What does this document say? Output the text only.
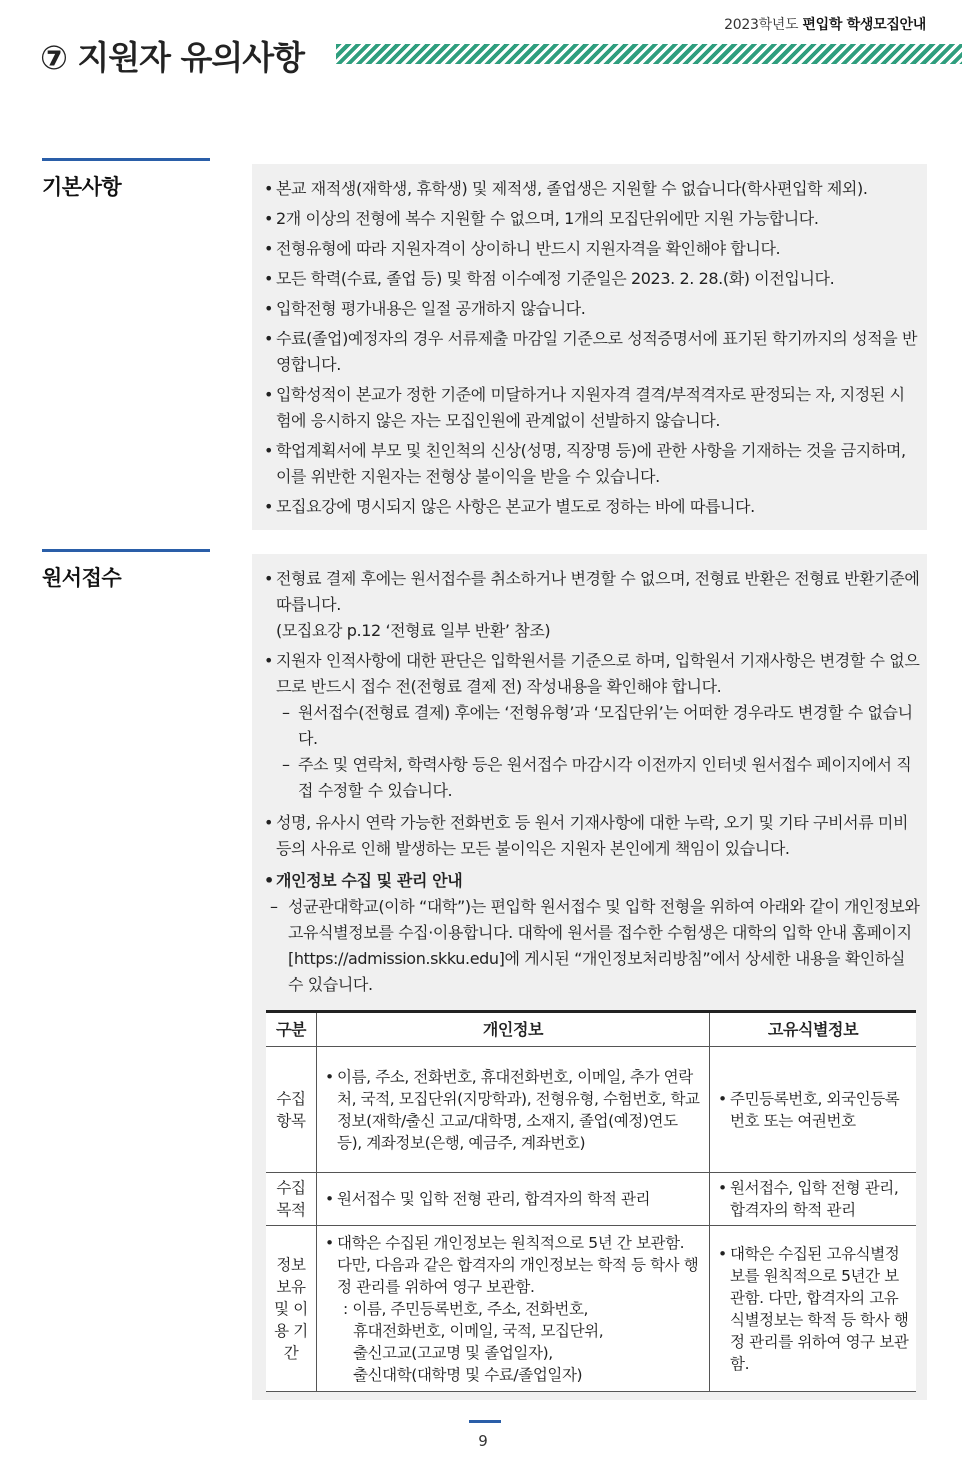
2023학년도 편입학 학생모집안내
⑦ 지원자 유의사항
기본사항	• 본교 재적생(재학생, 휴학생) 및 제적생, 졸업생은 지원할 수 없습니다(학사편입학 제외).
• 2개 이상의 전형에 복수 지원할 수 없으며, 1개의 모집단위에만 지원 가능합니다.
• 전형유형에 따라 지원자격이 상이하니 반드시 지원자격을 확인해야 합니다.
• 모든 학력(수료, 졸업 등) 및 학점 이수예정 기준일은 2023. 2. 28.(화) 이전입니다.
• 입학전형 평가내용은 일절 공개하지 않습니다.
• 수료(졸업)예정자의 경우 서류제출 마감일 기준으로 성적증명서에 표기된 학기까지의 성적을 반영합니다.
• 입학성적이 본교가 정한 기준에 미달하거나 지원자격 결격/부적격자로 판정되는 자, 지정된 시험에 응시하지 않은 자는 모집인원에 관계없이 선발하지 않습니다.
• 학업계획서에 부모 및 친인척의 신상(성명, 직장명 등)에 관한 사항을 기재하는 것을 금지하며, 이를 위반한 지원자는 전형상 불이익을 받을 수 있습니다.
• 모집요강에 명시되지 않은 사항은 본교가 별도로 정하는 바에 따릅니다.
원서접수	• 전형료 결제 후에는 원서접수를 취소하거나 변경할 수 없으며, 전형료 반환은 전형료 반환기준에 따릅니다.
(모집요강 p.12 ‘전형료 일부 반환’ 참조)
• 지원자 인적사항에 대한 판단은 입학원서를 기준으로 하며, 입학원서 기재사항은 변경할 수 없으므로 반드시 접수 전(전형료 결제 전) 작성내용을 확인해야 합니다.
– 원서접수(전형료 결제) 후에는 ‘전형유형’과 ‘모집단위’는 어떠한 경우라도 변경할 수 없습니다.
– 주소 및 연락처, 학력사항 등은 원서접수 마감시각 이전까지 인터넷 원서접수 페이지에서 직접 수정할 수 있습니다.
• 성명, 유사시 연락 가능한 전화번호 등 원서 기재사항에 대한 누락, 오기 및 기타 구비서류 미비 등의 사유로 인해 발생하는 모든 불이익은 지원자 본인에게 책임이 있습니다.
• 개인정보 수집 및 관리 안내
– 성균관대학교(이하 “대학”)는 편입학 원서접수 및 입학 전형을 위하여 아래와 같이 개인정보와 고유식별정보를 수집·이용합니다. 대학에 원서를 접수한 수험생은 대학의 입학 안내 홈페이지[https://admission.skku.edu]에 게시된 “개인정보처리방침”에서 상세한 내용을 확인하실 수 있습니다.
구분	개인정보	고유식별정보
수집 항목	• 이름, 주소, 전화번호, 휴대전화번호, 이메일, 추가 연락처, 국적, 모집단위(지망학과), 전형유형, 수험번호, 학교정보(재학/출신 고교/대학명, 소재지, 졸업(예정)연도 등), 계좌정보(은행, 예금주, 계좌번호)	• 주민등록번호, 외국인등록번호 또는 여권번호

수집 목적	• 원서접수 및 입학 전형 관리, 합격자의 학적 관리	• 원서접수, 입학 전형 관리, 합격자의 학적 관리

정보 보유 및 이용 기간	• 대학은 수집된 개인정보는 원칙적으로 5년 간 보관함. 다만, 다음과 같은 합격자의 개인정보는 학적 등 학사 행정 관리를 위하여 영구 보관함.
: 이름, 주민등록번호, 주소, 전화번호,
휴대전화번호, 이메일, 국적, 모집단위,
출신고교(고교명 및 졸업일자),
출신대학(대학명 및 수료/졸업일자)	• 대학은 수집된 고유식별정보를 원칙적으로 5년간 보관함. 다만, 합격자의 고유식별정보는 학적 등 학사 행정 관리를 위하여 영구 보관함.
9
